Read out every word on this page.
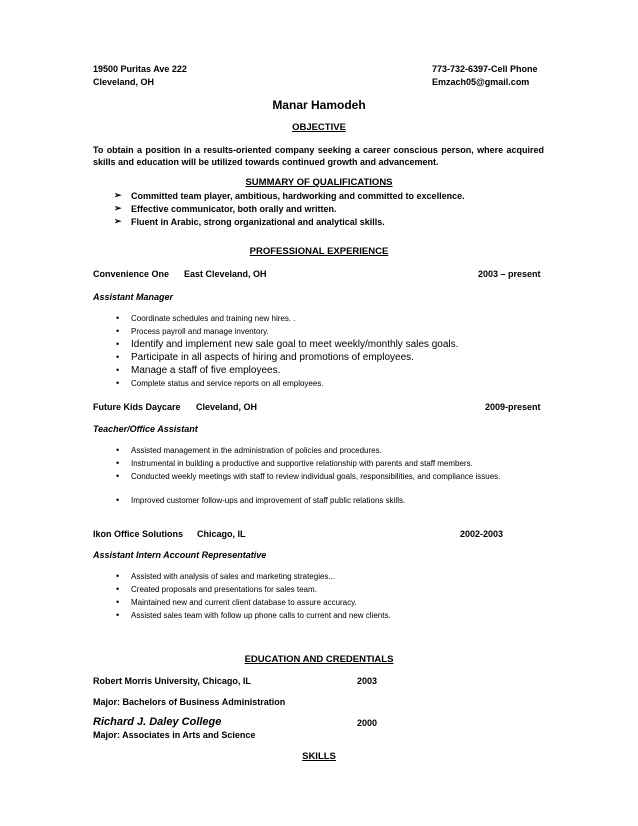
19500 Puritas Ave 222
Cleveland, OH
773-732-6397-Cell Phone
Emzach05@gmail.com
Manar Hamodeh
OBJECTIVE
To obtain a position in a results-oriented company seeking a career conscious person, where acquired skills and education will be utilized towards continued growth and advancement.
SUMMARY OF QUALIFICATIONS
➢ Committed team player, ambitious, hardworking and committed to excellence.
➢ Effective communicator, both orally and written.
➢ Fluent in Arabic, strong organizational and analytical skills.
PROFESSIONAL EXPERIENCE
Convenience One East Cleveland, OH	2003 – present
Assistant Manager
• Coordinate schedules and training new hires. .
• Process payroll and manage inventory.
• Identify and implement new sale goal to meet weekly/monthly sales goals.
• Participate in all aspects of hiring and promotions of employees.
• Manage a staff of five employees.
• Complete status and service reports on all employees.
Future Kids Daycare Cleveland, OH	2009-present
Teacher/Office Assistant
• Assisted management in the administration of policies and procedures.
• Instrumental in building a productive and supportive relationship with parents and staff members.
• Conducted weekly meetings with staff to review individual goals, responsibilities, and compliance issues.
• Improved customer follow-ups and improvement of staff public relations skills.
Ikon Office Solutions Chicago, IL	2002-2003
Assistant Intern Account Representative
• Assisted with analysis of sales and marketing strategies...
• Created proposals and presentations for sales team.
• Maintained new and current client database to assure accuracy.
• Assisted sales team with follow up phone calls to current and new clients.
EDUCATION AND CREDENTIALS
Robert Morris University, Chicago, IL	2003
Major: Bachelors of Business Administration
Richard J. Daley College	2000
Major: Associates in Arts and Science
SKILLS
